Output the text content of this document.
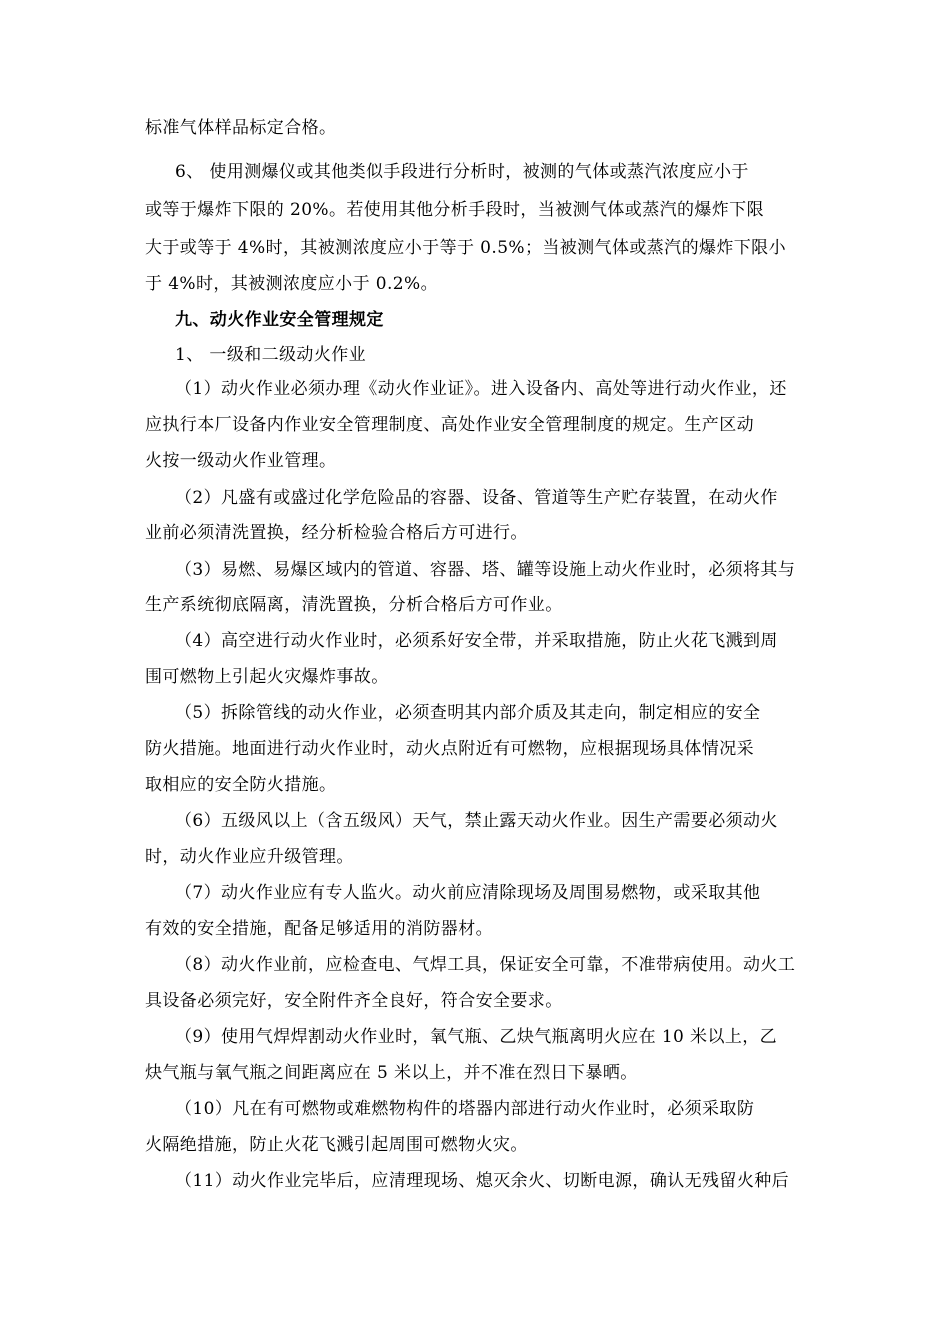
标准气体样品标定合格。
6、 使用测爆仪或其他类似手段进行分析时，被测的气体或蒸汽浓度应小于
或等于爆炸下限的 20%。若使用其他分析手段时，当被测气体或蒸汽的爆炸下限
大于或等于 4%时，其被测浓度应小于等于 0.5%；当被测气体或蒸汽的爆炸下限小
于 4%时，其被测浓度应小于 0.2%。
九、动火作业安全管理规定
1、 一级和二级动火作业
（1）动火作业必须办理《动火作业证》。进入设备内、高处等进行动火作业，还
应执行本厂设备内作业安全管理制度、高处作业安全管理制度的规定。生产区动
火按一级动火作业管理。
（2）凡盛有或盛过化学危险品的容器、设备、管道等生产贮存装置，在动火作
业前必须清洗置换，经分析检验合格后方可进行。
（3）易燃、易爆区域内的管道、容器、塔、罐等设施上动火作业时，必须将其与
生产系统彻底隔离，清洗置换，分析合格后方可作业。
（4）高空进行动火作业时，必须系好安全带，并采取措施，防止火花飞溅到周
围可燃物上引起火灾爆炸事故。
（5）拆除管线的动火作业，必须查明其内部介质及其走向，制定相应的安全
防火措施。地面进行动火作业时，动火点附近有可燃物，应根据现场具体情况采
取相应的安全防火措施。
（6）五级风以上（含五级风）天气，禁止露天动火作业。因生产需要必须动火
时，动火作业应升级管理。
（7）动火作业应有专人监火。动火前应清除现场及周围易燃物，或采取其他
有效的安全措施，配备足够适用的消防器材。
（8）动火作业前，应检查电、气焊工具，保证安全可靠，不准带病使用。动火工
具设备必须完好，安全附件齐全良好，符合安全要求。
（9）使用气焊焊割动火作业时，氧气瓶、乙炔气瓶离明火应在 10 米以上，乙
炔气瓶与氧气瓶之间距离应在 5 米以上，并不准在烈日下暴晒。
（10）凡在有可燃物或难燃物构件的塔器内部进行动火作业时，必须采取防
火隔绝措施，防止火花飞溅引起周围可燃物火灾。
（11）动火作业完毕后，应清理现场、熄灭余火、切断电源，确认无残留火种后
